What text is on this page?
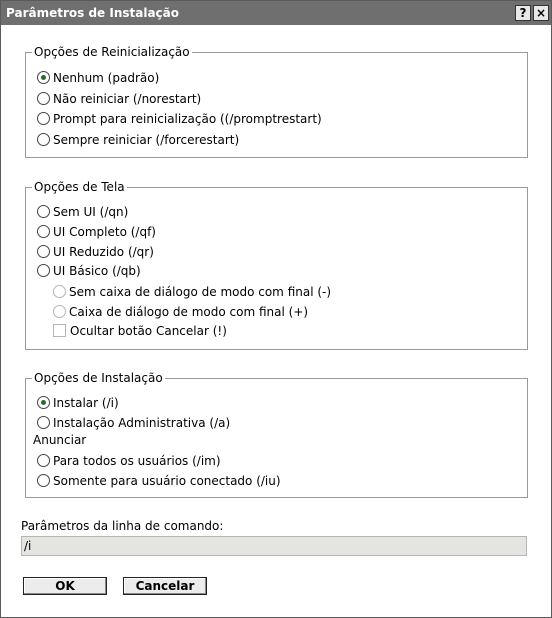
Parâmetros de Instalação	? ×
Opções de Reinicialização
Nenhum (padrão)
Não reiniciar (/norestart)
Prompt para reinicialização ((/promptrestart)
Sempre reiniciar (/forcerestart)
Opções de Tela
Sem UI (/qn)
UI Completo (/qf)
UI Reduzido (/qr)
UI Básico (/qb)
Sem caixa de diálogo de modo com final (-)
Caixa de diálogo de modo com final (+)
Ocultar botão Cancelar (!)
Opções de Instalação
Instalar (/i)
Instalação Administrativa (/a)
Anunciar
Para todos os usuários (/im)
Somente para usuário conectado (/iu)
Parâmetros da linha de comando:
/i
OK	Cancelar
